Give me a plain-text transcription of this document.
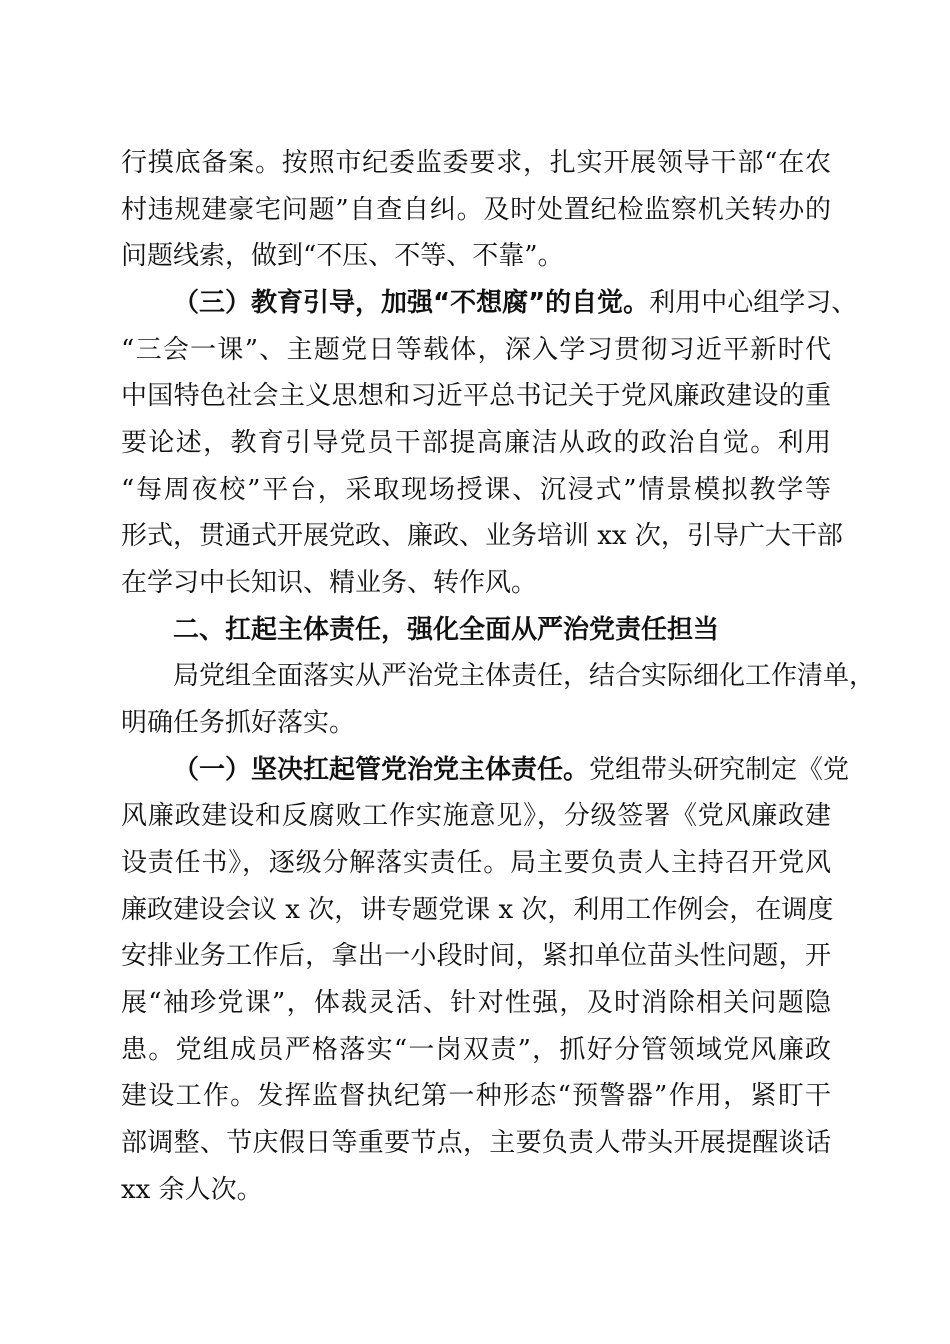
行摸底备案。按照市纪委监委要求，扎实开展领导干部“在农
村违规建豪宅问题”自查自纠。及时处置纪检监察机关转办的
问题线索，做到“不压、不等、不靠”。
（三）教育引导，加强“不想腐”的自觉。利用中心组学习、
“三会一课”、主题党日等载体，深入学习贯彻习近平新时代
中国特色社会主义思想和习近平总书记关于党风廉政建设的重
要论述，教育引导党员干部提高廉洁从政的政治自觉。利用
“每周夜校”平台，采取现场授课、沉浸式”情景模拟教学等
形式，贯通式开展党政、廉政、业务培训 xx 次，引导广大干部
在学习中长知识、精业务、转作风。
二、扛起主体责任，强化全面从严治党责任担当
局党组全面落实从严治党主体责任，结合实际细化工作清单，
明确任务抓好落实。
（一）坚决扛起管党治党主体责任。党组带头研究制定《党
风廉政建设和反腐败工作实施意见》，分级签署《党风廉政建
设责任书》，逐级分解落实责任。局主要负责人主持召开党风
廉政建设会议 x 次，讲专题党课 x 次，利用工作例会，在调度
安排业务工作后，拿出一小段时间，紧扣单位苗头性问题，开
展“袖珍党课”，体裁灵活、针对性强，及时消除相关问题隐
患。党组成员严格落实“一岗双责”，抓好分管领域党风廉政
建设工作。发挥监督执纪第一种形态“预警器”作用，紧盯干
部调整、节庆假日等重要节点，主要负责人带头开展提醒谈话
xx 余人次。
